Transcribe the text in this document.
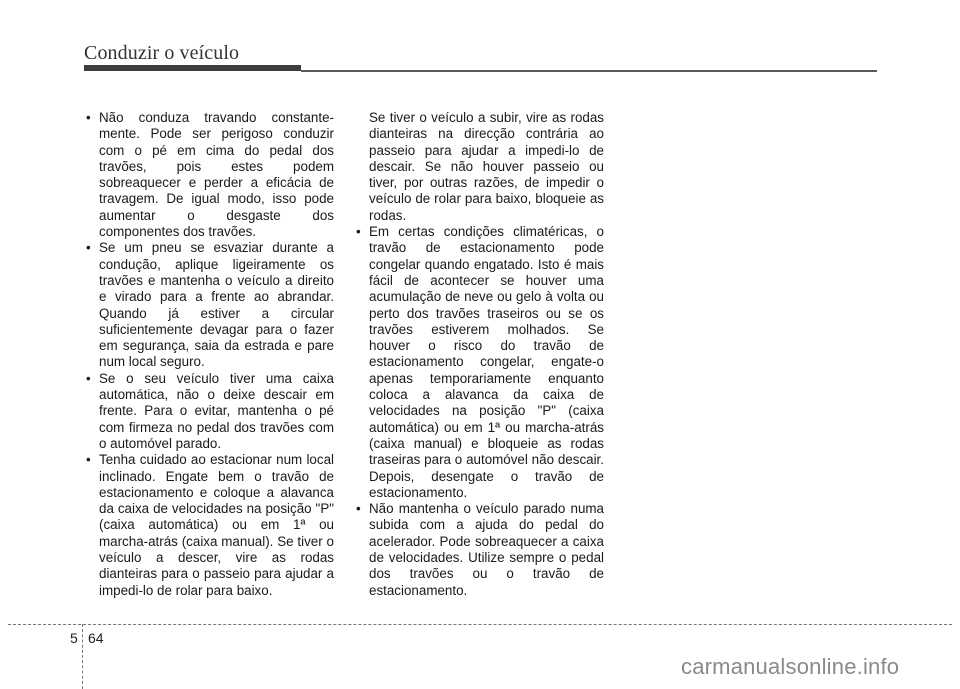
Conduzir o veículo
• Não conduza travando constante-mente. Pode ser perigoso conduzir com o pé em cima do pedal dos travões, pois estes podem sobreaquecer e perder a eficácia de travagem. De igual modo, isso pode aumentar o desgaste dos componentes dos travões.

• Se um pneu se esvaziar durante a condução, aplique ligeiramente os travões e mantenha o veículo a direito e virado para a frente ao abrandar. Quando já estiver a circular suficientemente devagar para o fazer em segurança, saia da estrada e pare num local seguro.

• Se o seu veículo tiver uma caixa automática, não o deixe descair em frente. Para o evitar, mantenha o pé com firmeza no pedal dos travões com o automóvel parado.

• Tenha cuidado ao estacionar num local inclinado. Engate bem o travão de estacionamento e coloque a alavanca da caixa de velocidades na posição "P" (caixa automática) ou em 1ª ou marcha-atrás (caixa manual). Se tiver o veículo a descer, vire as rodas dianteiras para o passeio para ajudar a impedi-lo de rolar para baixo.

Se tiver o veículo a subir, vire as rodas dianteiras na direcção contrária ao passeio para ajudar a impedi-lo de descair. Se não houver passeio ou tiver, por outras razões, de impedir o veículo de rolar para baixo, bloqueie as rodas.

• Em certas condições climatéricas, o travão de estacionamento pode congelar quando engatado. Isto é mais fácil de acontecer se houver uma acumulação de neve ou gelo à volta ou perto dos travões traseiros ou se os travões estiverem molhados. Se houver o risco do travão de estacionamento congelar, engate-o apenas temporariamente enquanto coloca a alavanca da caixa de velocidades na posição "P" (caixa automática) ou em 1ª ou marcha-atrás (caixa manual) e bloqueie as rodas traseiras para o automóvel não descair. Depois, desengate o travão de estacionamento.

• Não mantenha o veículo parado numa subida com a ajuda do pedal do acelerador. Pode sobreaquecer a caixa de velocidades. Utilize sempre o pedal dos travões ou o travão de estacionamento.

5 64
carmanualsonline.info
